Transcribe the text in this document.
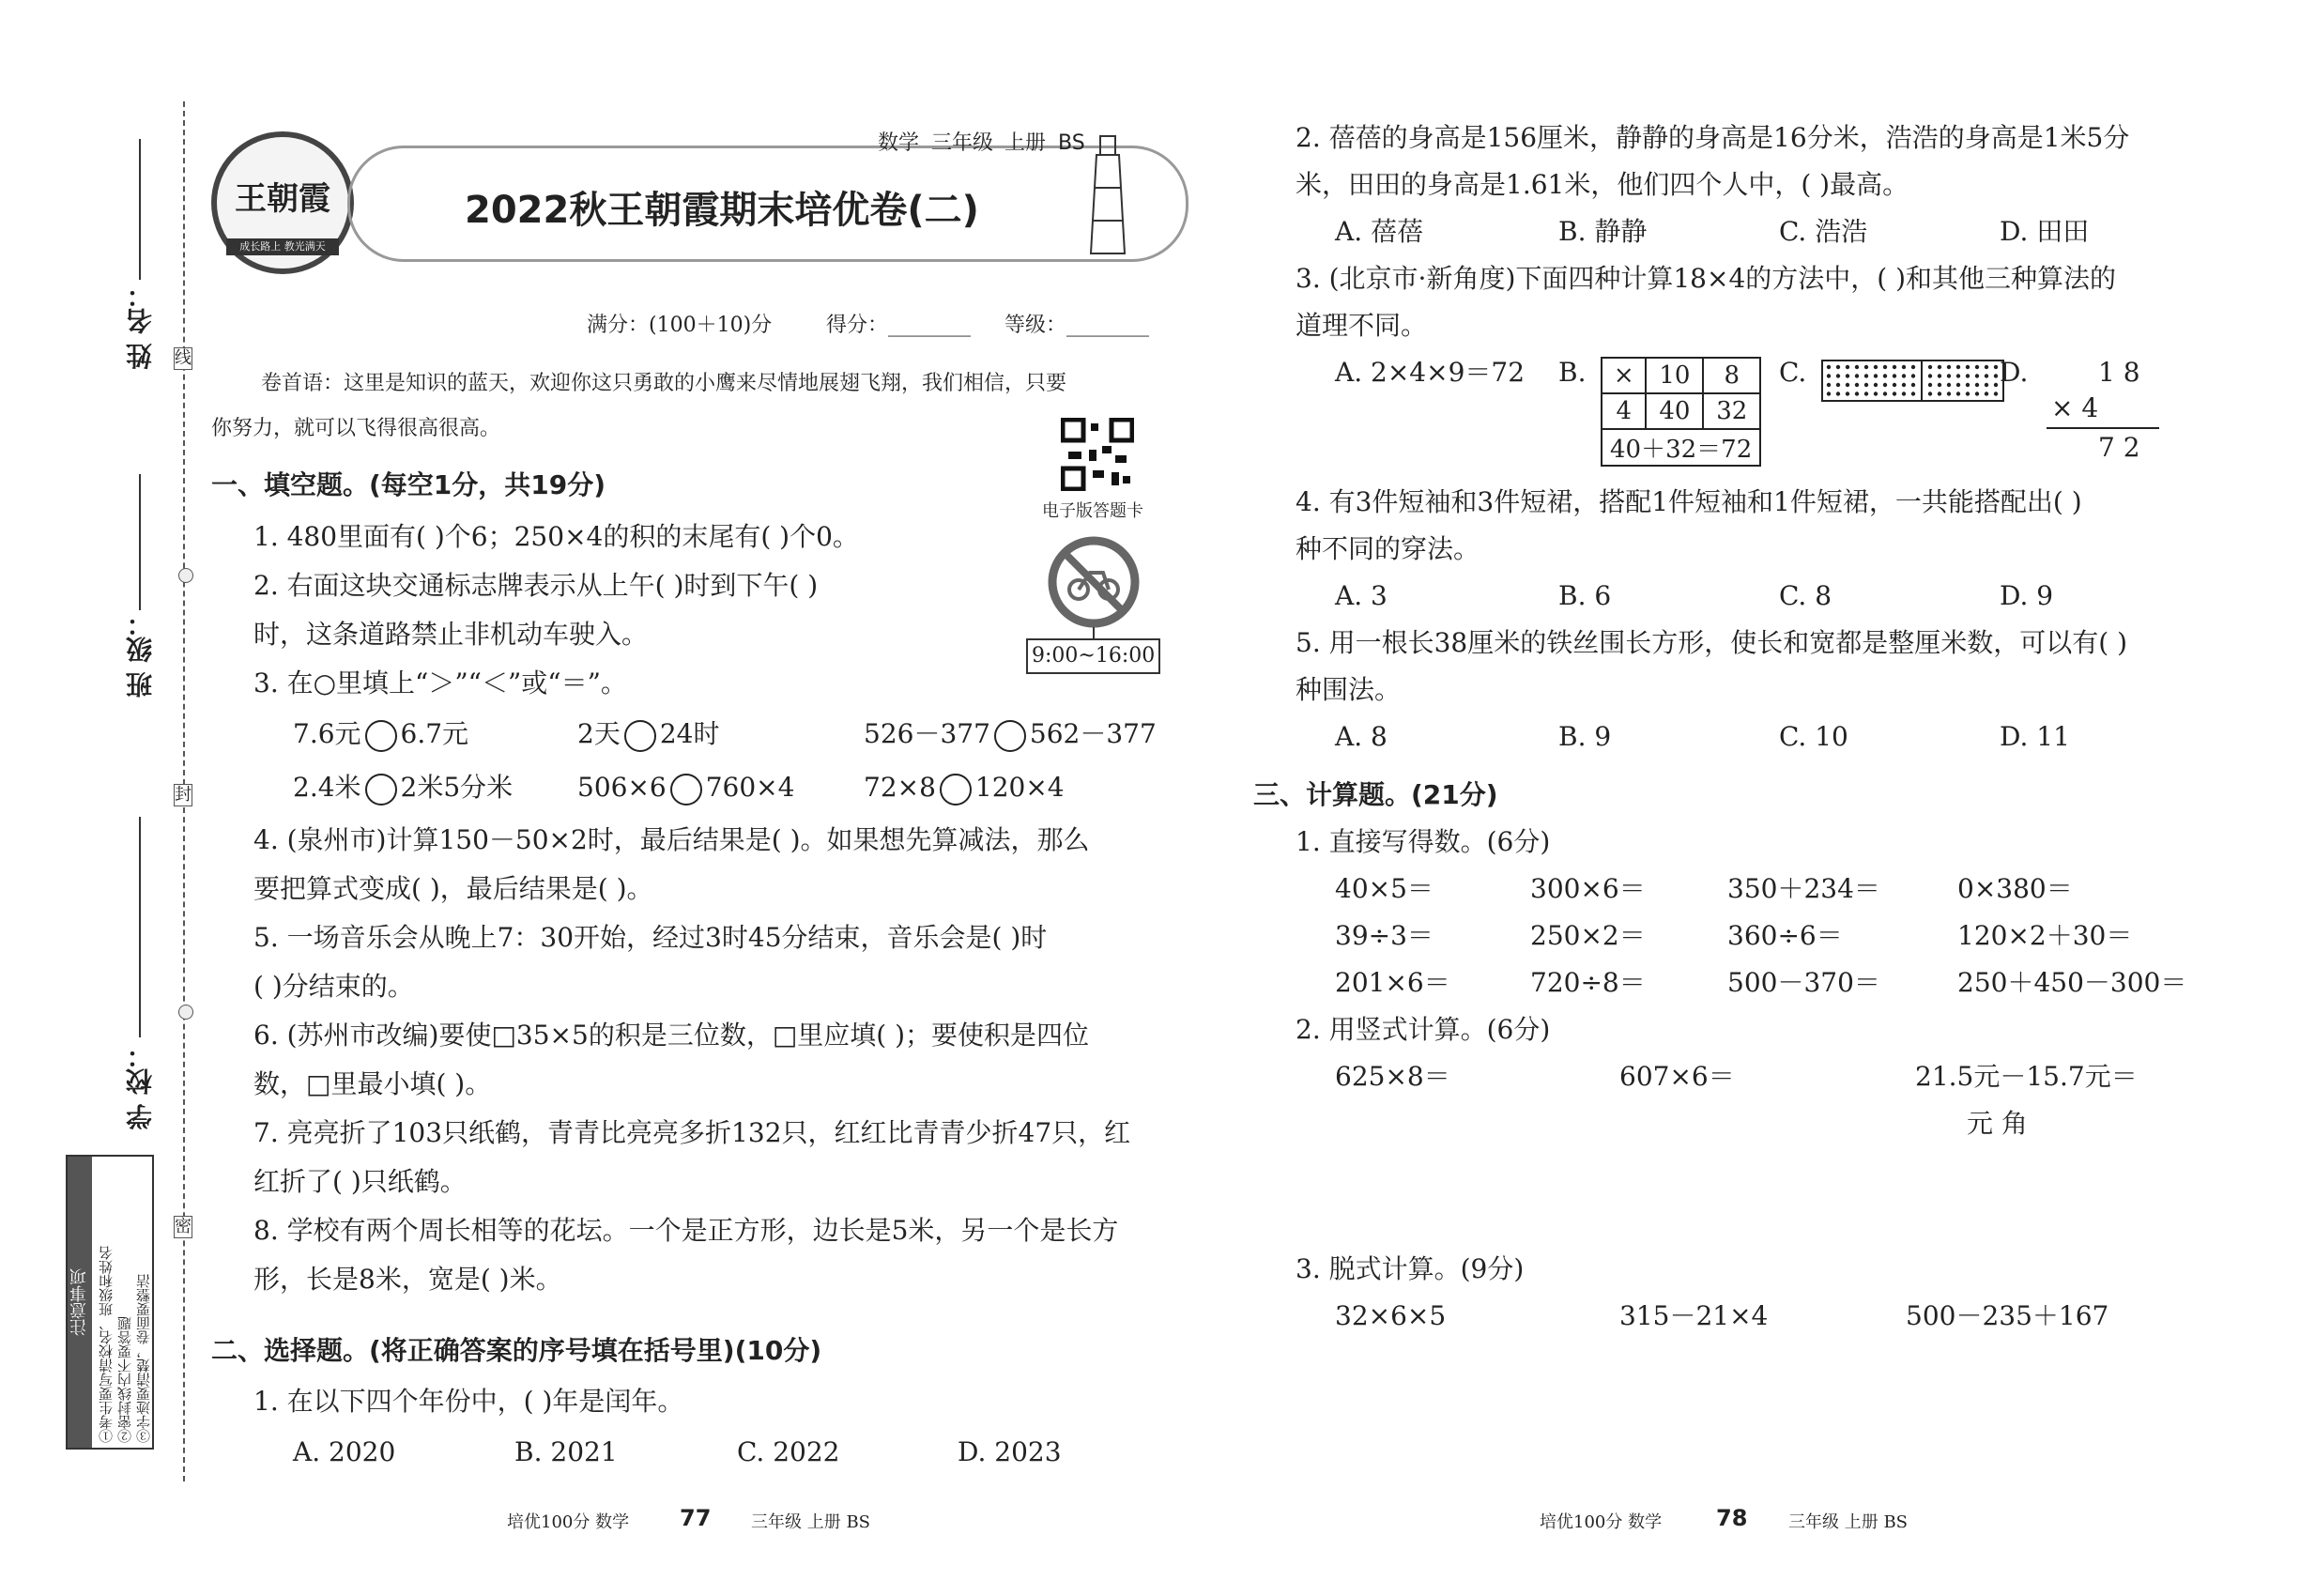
姓 名：
班 级：
学 校：
线
封
密
注意事项 ①考生要写清校名、班级和姓名 ②密封线内不要答题 ③字迹要清楚，卷面要整洁
王朝霞
成长路上 教光满天
2022秋王朝霞期末培优卷(二)
数学 三年级 上册 BS
满分：(100＋10)分	得分：________ 等级：________
卷首语：这里是知识的蓝天，欢迎你这只勇敢的小鹰来尽情地展翅飞翔，我们相信，只要
你努力，就可以飞得很高很高。
电子版答题卡
9:00~16:00
一、填空题。(每空1分，共19分)
1. 480里面有( )个6；250×4的积的末尾有( )个0。
2. 右面这块交通标志牌表示从上午( )时到下午( )
时，这条道路禁止非机动车驶入。
3. 在○里填上“＞”“＜”或“＝”。
7.6元 6.7元	2天 24时	526－377 562－377
2.4米 2米5分米 506×6 760×4	72×8 120×4
4. (泉州市)计算150－50×2时，最后结果是( )。如果想先算减法，那么
要把算式变成( )，最后结果是( )。
5. 一场音乐会从晚上7：30开始，经过3时45分结束，音乐会是( )时
( )分结束的。
6. (苏州市改编)要使□35×5的积是三位数，□里应填( )；要使积是四位
数，□里最小填( )。
7. 亮亮折了103只纸鹤，青青比亮亮多折132只，红红比青青少折47只，红
红折了( )只纸鹤。
8. 学校有两个周长相等的花坛。一个是正方形，边长是5米，另一个是长方
形，长是8米，宽是( )米。
二、选择题。(将正确答案的序号填在括号里)(10分)
1. 在以下四个年份中，( )年是闰年。
A. 2020	B. 2021	C. 2022	D. 2023
培优100分 数学 77 三年级 上册 BS
2. 蓓蓓的身高是156厘米，静静的身高是16分米，浩浩的身高是1米5分
米，田田的身高是1.61米，他们四个人中，( )最高。
A. 蓓蓓	B. 静静	C. 浩浩	D. 田田
3. (北京市·新角度)下面四种计算18×4的方法中，( )和其他三种算法的
道理不同。
A. 2×4×9＝72 B. ×	10	8
4	40	32
40＋32＝72		
C.	D.	1 8
× 4
7 2
4. 有3件短袖和3件短裙，搭配1件短袖和1件短裙，一共能搭配出( )
种不同的穿法。
A. 3	B. 6	C. 8	D. 9
5. 用一根长38厘米的铁丝围长方形，使长和宽都是整厘米数，可以有( )
种围法。
A. 8	B. 9	C. 10	D. 11
三、计算题。(21分)
1. 直接写得数。(6分)
40×5＝	300×6＝	350＋234＝	0×380＝
39÷3＝	250×2＝	360÷6＝	120×2＋30＝
201×6＝	720÷8＝	500－370＝	250＋450－300＝
2. 用竖式计算。(6分)
625×8＝	607×6＝	21.5元－15.7元＝
元 角
3. 脱式计算。(9分)
32×6×5	315－21×4	500－235＋167
培优100分 数学 78 三年级 上册 BS
